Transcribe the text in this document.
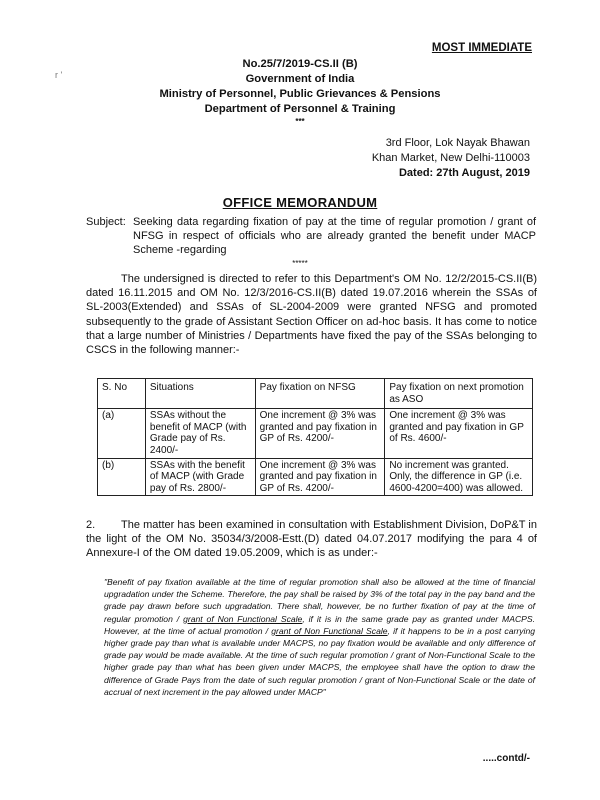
r '
MOST IMMEDIATE
No.25/7/2019-CS.II (B)
Government of India
Ministry of Personnel, Public Grievances & Pensions
Department of Personnel & Training
***
3rd Floor, Lok Nayak Bhawan
Khan Market, New Delhi-110003
Dated: 27th August, 2019
OFFICE MEMORANDUM
Subject: Seeking data regarding fixation of pay at the time of regular promotion / grant of NFSG in respect of officials who are already granted the benefit under MACP Scheme -regarding
*****
The undersigned is directed to refer to this Department's OM No. 12/2/2015-CS.II(B) dated 16.11.2015 and OM No. 12/3/2016-CS.II(B) dated 19.07.2016 wherein the SSAs of SL-2003(Extended) and SSAs of SL-2004-2009 were granted NFSG and promoted subsequently to the grade of Assistant Section Officer on ad-hoc basis. It has come to notice that a large number of Ministries / Departments have fixed the pay of the SSAs belonging to CSCS in the following manner:-
S. No	Situations	Pay fixation on NFSG	Pay fixation on next promotion as ASO
(a)	SSAs without the benefit of MACP (with Grade pay of Rs. 2400/-	One increment @ 3% was granted and pay fixation in GP of Rs. 4200/-	One increment @ 3% was granted and pay fixation in GP of Rs. 4600/-
(b)	SSAs with the benefit of MACP (with Grade pay of Rs. 2800/-	One increment @ 3% was granted and pay fixation in GP of Rs. 4200/-	No increment was granted. Only, the difference in GP (i.e. 4600-4200=400) was allowed.
2. The matter has been examined in consultation with Establishment Division, DoP&T in the light of the OM No. 35034/3/2008-Estt.(D) dated 04.07.2017 modifying the para 4 of Annexure-I of the OM dated 19.05.2009, which is as under:-
"Benefit of pay fixation available at the time of regular promotion shall also be allowed at the time of financial upgradation under the Scheme. Therefore, the pay shall be raised by 3% of the total pay in the pay band and the grade pay drawn before such upgradation. There shall, however, be no further fixation of pay at the time of regular promotion / grant of Non Functional Scale, if it is in the same grade pay as granted under MACPS. However, at the time of actual promotion / grant of Non Functional Scale, if it happens to be in a post carrying higher grade pay than what is available under MACPS, no pay fixation would be available and only difference of grade pay would be made available. At the time of such regular promotion / grant of Non-Functional Scale to the higher grade pay than what has been given under MACPS, the employee shall have the option to draw the difference of Grade Pays from the date of such regular promotion / grant of Non-Functional Scale or the date of accrual of next increment in the pay allowed under MACP"
.....contd/-
